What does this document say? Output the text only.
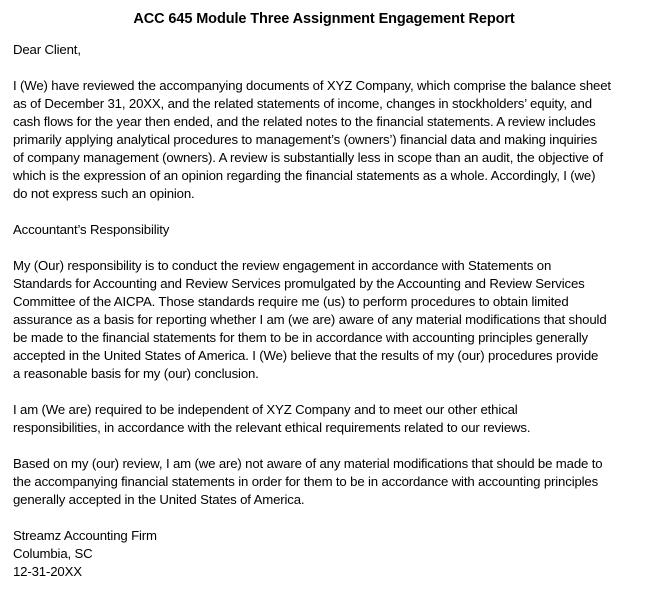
ACC 645 Module Three Assignment Engagement Report
Dear Client,
I (We) have reviewed the accompanying documents of XYZ Company, which comprise the balance sheet
as of December 31, 20XX, and the related statements of income, changes in stockholders’ equity, and
cash flows for the year then ended, and the related notes to the financial statements. A review includes
primarily applying analytical procedures to management’s (owners’) financial data and making inquiries
of company management (owners). A review is substantially less in scope than an audit, the objective of
which is the expression of an opinion regarding the financial statements as a whole. Accordingly, I (we)
do not express such an opinion.
Accountant’s Responsibility
My (Our) responsibility is to conduct the review engagement in accordance with Statements on
Standards for Accounting and Review Services promulgated by the Accounting and Review Services
Committee of the AICPA. Those standards require me (us) to perform procedures to obtain limited
assurance as a basis for reporting whether I am (we are) aware of any material modifications that should
be made to the financial statements for them to be in accordance with accounting principles generally
accepted in the United States of America. I (We) believe that the results of my (our) procedures provide
a reasonable basis for my (our) conclusion.
I am (We are) required to be independent of XYZ Company and to meet our other ethical
responsibilities, in accordance with the relevant ethical requirements related to our reviews.
Based on my (our) review, I am (we are) not aware of any material modifications that should be made to
the accompanying financial statements in order for them to be in accordance with accounting principles
generally accepted in the United States of America.
Streamz Accounting Firm
Columbia, SC
12-31-20XX
